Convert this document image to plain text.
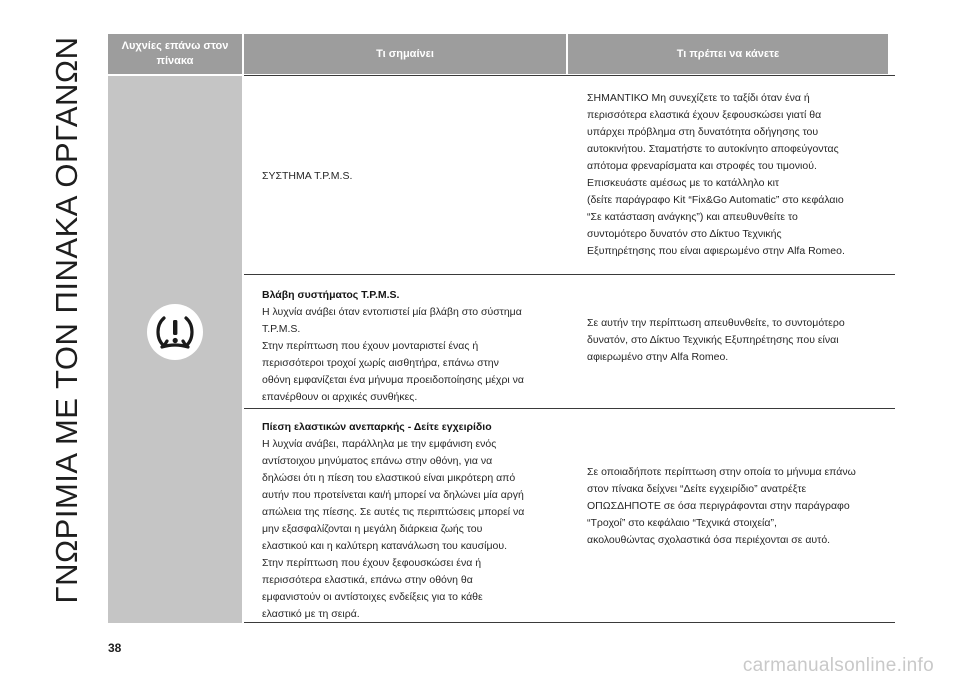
ΓΝΩΡΙΜΙΑ ΜΕ ΤΟΝ ΠΙΝΑΚΑ ΟΡΓΑΝΩΝ	Λυχνίες επάνω στον πίνακα
Τι σημαίνει	Τι πρέπει να κάνετε
ΣΥΣΤΗΜΑ T.P.M.S.
ΣΗΜΑΝΤΙΚΟ Μη συνεχίζετε το ταξίδι όταν ένα ή
περισσότερα ελαστικά έχουν ξεφουσκώσει γιατί θα
υπάρχει πρόβλημα στη δυνατότητα οδήγησης του
αυτοκινήτου. Σταματήστε το αυτοκίνητο αποφεύγοντας
απότομα φρεναρίσματα και στροφές του τιμονιού.
Επισκευάστε αμέσως με το κατάλληλο κιτ
(δείτε παράγραφο Kit “Fix&Go Automatic” στο κεφάλαιο
“Σε κατάσταση ανάγκης”) και απευθυνθείτε το
συντομότερο δυνατόν στο Δίκτυο Τεχνικής
Εξυπηρέτησης που είναι αφιερωμένο στην Alfa Romeo.
Βλάβη συστήματος T.P.M.S.
Η λυχνία ανάβει όταν εντοπιστεί μία βλάβη στο σύστημα
T.P.M.S.
Στην περίπτωση που έχουν μονταριστεί ένας ή
περισσότεροι τροχοί χωρίς αισθητήρα, επάνω στην
οθόνη εμφανίζεται ένα μήνυμα προειδοποίησης μέχρι να
επανέρθουν οι αρχικές συνθήκες.
Σε αυτήν την περίπτωση απευθυνθείτε, το συντομότερο
δυνατόν, στο Δίκτυο Τεχνικής Εξυπηρέτησης που είναι
αφιερωμένο στην Alfa Romeo.
Πίεση ελαστικών ανεπαρκής - Δείτε εγχειρίδιο
Η λυχνία ανάβει, παράλληλα με την εμφάνιση ενός
αντίστοιχου μηνύματος επάνω στην οθόνη, για να
δηλώσει ότι η πίεση του ελαστικού είναι μικρότερη από
αυτήν που προτείνεται και/ή μπορεί να δηλώνει μία αργή
απώλεια της πίεσης. Σε αυτές τις περιπτώσεις μπορεί να
μην εξασφαλίζονται η μεγάλη διάρκεια ζωής του
ελαστικού και η καλύτερη κατανάλωση του καυσίμου.
Στην περίπτωση που έχουν ξεφουσκώσει ένα ή
περισσότερα ελαστικά, επάνω στην οθόνη θα
εμφανιστούν οι αντίστοιχες ενδείξεις για το κάθε
ελαστικό με τη σειρά.
Σε οποιαδήποτε περίπτωση στην οποία το μήνυμα επάνω
στον πίνακα δείχνει “Δείτε εγχειρίδιο” ανατρέξτε
ΟΠΩΣΔΗΠΟΤΕ σε όσα περιγράφονται στην παράγραφο
“Τροχοί” στο κεφάλαιο “Τεχνικά στοιχεία”,
ακολουθώντας σχολαστικά όσα περιέχονται σε αυτό.
38
carmanualsonline.info
